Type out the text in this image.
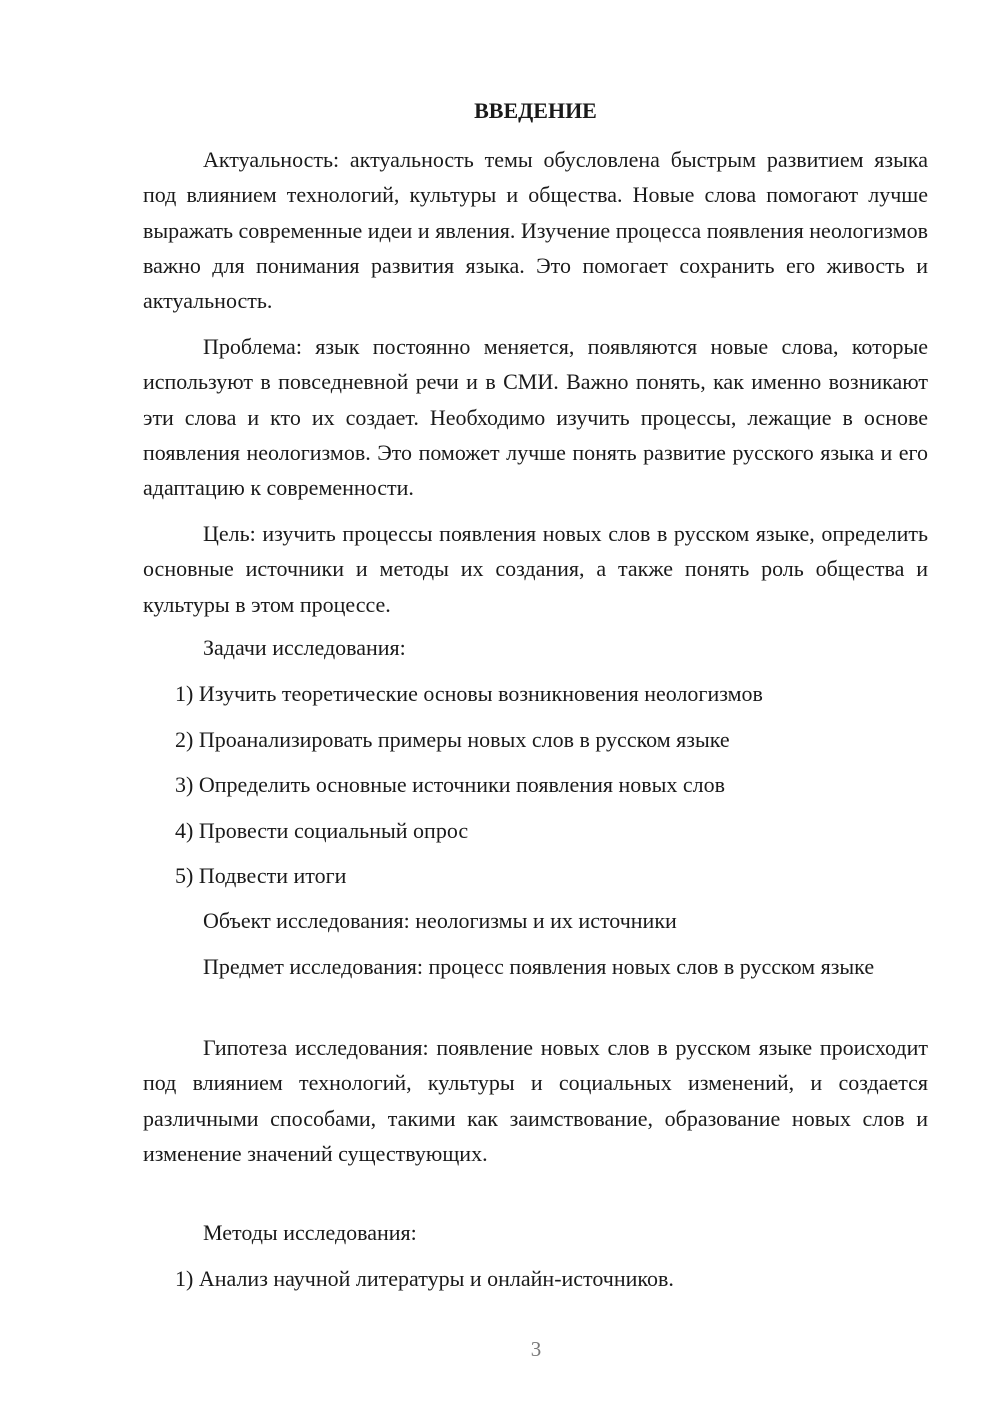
ВВЕДЕНИЕ

Актуальность: актуальность темы обусловлена быстрым развитием языка под влиянием технологий, культуры и общества. Новые слова помогают лучше выражать современные идеи и явления. Изучение процесса появления неологизмов важно для понимания развития языка. Это помогает сохранить его живость и актуальность.

Проблема: язык постоянно меняется, появляются новые слова, которые используют в повседневной речи и в СМИ. Важно понять, как именно возникают эти слова и кто их создает. Необходимо изучить процессы, лежащие в основе появления неологизмов. Это поможет лучше понять развитие русского языка и его адаптацию к современности.

Цель: изучить процессы появления новых слов в русском языке, определить основные источники и методы их создания, а также понять роль общества и культуры в этом процессе.

Задачи исследования:

1) Изучить теоретические основы возникновения неологизмов

2) Проанализировать примеры новых слов в русском языке

3) Определить основные источники появления новых слов

4) Провести социальный опрос

5) Подвести итоги

Объект исследования: неологизмы и их источники

Предмет исследования: процесс появления новых слов в русском языке

Гипотеза исследования: появление новых слов в русском языке происходит под влиянием технологий, культуры и социальных изменений, и создается различными способами, такими как заимствование, образование новых слов и изменение значений существующих.

Методы исследования:

1) Анализ научной литературы и онлайн-источников.

3
